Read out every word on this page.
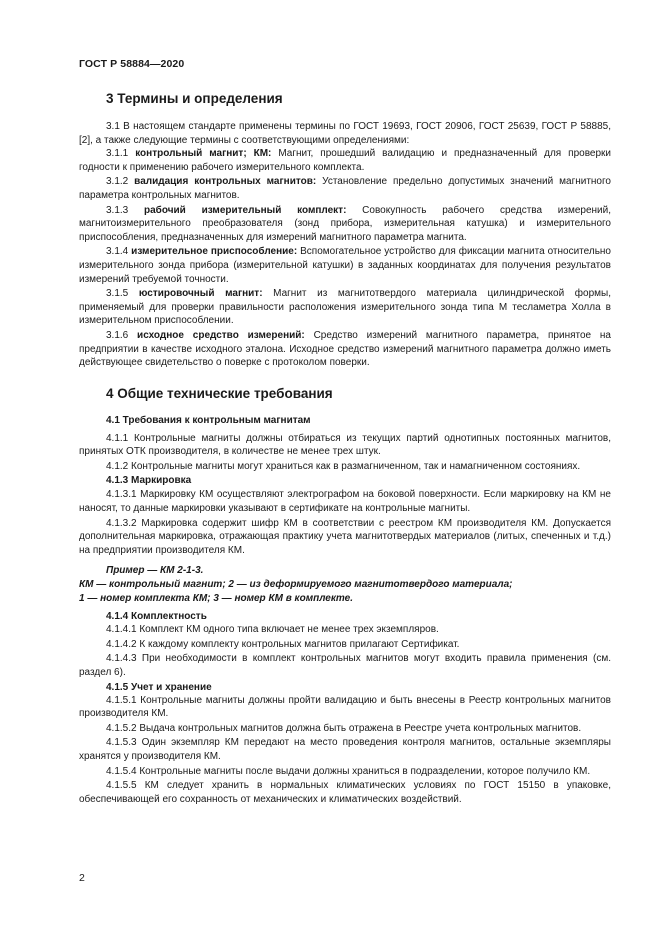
ГОСТ Р 58884—2020
3 Термины и определения

3.1 В настоящем стандарте применены термины по ГОСТ 19693, ГОСТ 20906, ГОСТ 25639, ГОСТ Р 58885, [2], а также следующие термины с соответствующими определениями:

3.1.1 контрольный магнит; КМ: Магнит, прошедший валидацию и предназначенный для проверки годности к применению рабочего измерительного комплекта.

3.1.2 валидация контрольных магнитов: Установление предельно допустимых значений магнитного параметра контрольных магнитов.

3.1.3 рабочий измерительный комплект: Совокупность рабочего средства измерений, магнитоизмерительного преобразователя (зонд прибора, измерительная катушка) и измерительного приспособления, предназначенных для измерений магнитного параметра магнита.

3.1.4 измерительное приспособление: Вспомогательное устройство для фиксации магнита относительно измерительного зонда прибора (измерительной катушки) в заданных координатах для получения результатов измерений требуемой точности.

3.1.5 юстировочный магнит: Магнит из магнитотвердого материала цилиндрической формы, применяемый для проверки правильности расположения измерительного зонда типа М тесламетра Холла в измерительном приспособлении.

3.1.6 исходное средство измерений: Средство измерений магнитного параметра, принятое на предприятии в качестве исходного эталона. Исходное средство измерений магнитного параметра должно иметь действующее свидетельство о поверке с протоколом поверки.

4 Общие технические требования
4.1 Требования к контрольным магнитам

4.1.1 Контрольные магниты должны отбираться из текущих партий однотипных постоянных магнитов, принятых ОТК производителя, в количестве не менее трех штук.

4.1.2 Контрольные магниты могут храниться как в размагниченном, так и намагниченном состояниях.

4.1.3 Маркировка

4.1.3.1 Маркировку КМ осуществляют электрографом на боковой поверхности. Если маркировку на КМ не наносят, то данные маркировки указывают в сертификате на контрольные магниты.

4.1.3.2 Маркировка содержит шифр КМ в соответствии с реестром КМ производителя КМ. Допускается дополнительная маркировка, отражающая практику учета магнитотвердых материалов (литых, спеченных и т.д.) на предприятии производителя КМ.

Пример — КМ 2-1-3.

КМ — контрольный магнит; 2 — из деформируемого магнитотвердого материала;

1 — номер комплекта КМ; 3 — номер КМ в комплекте.

4.1.4 Комплектность

4.1.4.1 Комплект КМ одного типа включает не менее трех экземпляров.

4.1.4.2 К каждому комплекту контрольных магнитов прилагают Сертификат.

4.1.4.3 При необходимости в комплект контрольных магнитов могут входить правила применения (см. раздел 6).

4.1.5 Учет и хранение

4.1.5.1 Контрольные магниты должны пройти валидацию и быть внесены в Реестр контрольных магнитов производителя КМ.

4.1.5.2 Выдача контрольных магнитов должна быть отражена в Реестре учета контрольных магнитов.

4.1.5.3 Один экземпляр КМ передают на место проведения контроля магнитов, остальные экземпляры хранятся у производителя КМ.

4.1.5.4 Контрольные магниты после выдачи должны храниться в подразделении, которое получило КМ.

4.1.5.5 КМ следует хранить в нормальных климатических условиях по ГОСТ 15150 в упаковке, обеспечивающей его сохранность от механических и климатических воздействий.

2
